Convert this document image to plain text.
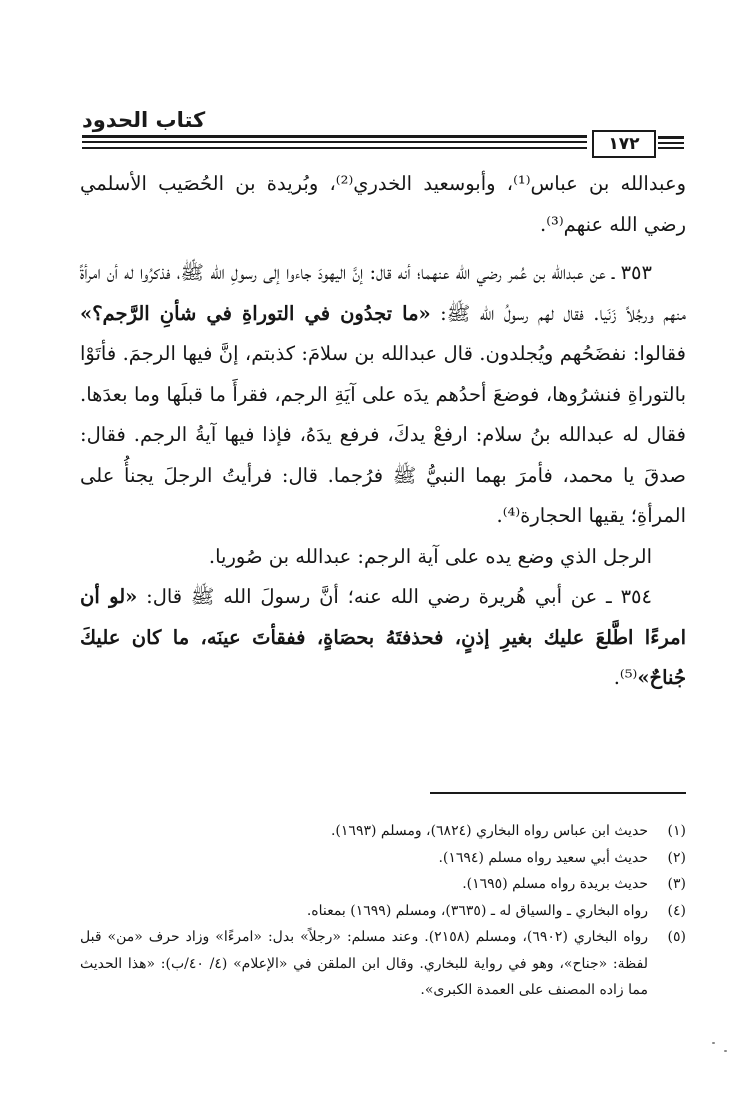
كتاب الحدود
١٧٢

وعبدالله بن عباس⁽¹⁾، وأبوسعيد الخدري⁽²⁾، وبُريدة بن الحُصَيب الأسلمي رضي الله عنهم⁽³⁾.

٣٥٣ ـ عن عبدالله بن عُمر رضي الله عنهما؛ أنه قال: إنَّ اليهودَ جاءوا إلى رسولِ الله ﷺ، فذكرُوا له أن امرأةً منهم ورجُلاً زَنَيا. فقال لهم رسولُ الله ﷺ: «ما تجدُون في التوراةِ في شأنِ الرَّجم؟» فقالوا: نفضَحُهم ويُجلدون. قال عبدالله بن سلامَ: كذبتم، إنَّ فيها الرجمَ. فأتَوْا بالتوراةِ فنشرُوها، فوضعَ أحدُهم يدَه على آيَةِ الرجم، فقرأَ ما قبلَها وما بعدَها. فقال له عبدالله بنُ سلام: ارفعْ يدكَ، فرفع يدَهُ، فإذا فيها آيةُ الرجم. فقال: صدقَ يا محمد، فأمرَ بهما النبيُّ ﷺ فرُجما. قال: فرأيتُ الرجلَ يجنأُ على المرأةِ؛ يقيها الحجارة⁽⁴⁾.

الرجل الذي وضع يده على آية الرجم: عبدالله بن صُوريا.

٣٥٤ ـ عن أبي هُريرة رضي الله عنه؛ أنَّ رسولَ الله ﷺ قال: «لو أن امرءًا اطَّلعَ عليك بغيرِ إذنٍ، فحذفتَهُ بحصَاةٍ، ففقأتَ عينَه، ما كان عليكَ جُناحٌ»⁽⁵⁾.

(١)
حديث ابن عباس رواه البخاري (٦٨٢٤)، ومسلم (١٦٩٣).
(٢)
حديث أبي سعيد رواه مسلم (١٦٩٤).
(٣)
حديث بريدة رواه مسلم (١٦٩٥).
(٤)
رواه البخاري ـ والسياق له ـ (٣٦٣٥)، ومسلم (١٦٩٩) بمعناه.
(٥)
رواه البخاري (٦٩٠٢)، ومسلم (٢١٥٨). وعند مسلم: «رجلاً» بدل: «امرءًا» وزاد حرف «من» قبل لفظة: «جناح»، وهو في رواية للبخاري. وقال ابن الملقن في «الإعلام» (٤/ ٤٠/ب): «هذا الحديث مما زاده المصنف على العمدة الكبرى».
